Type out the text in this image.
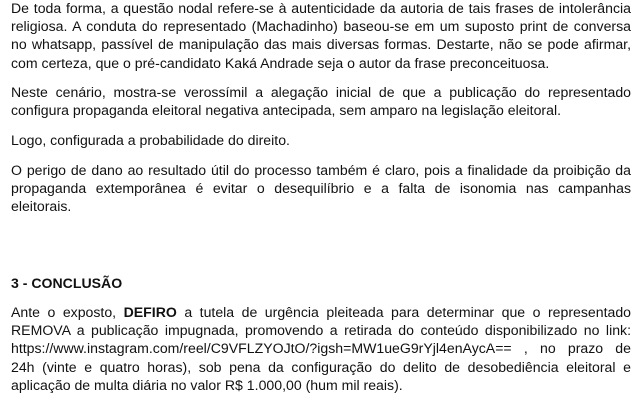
De toda forma, a questão nodal refere-se à autenticidade da autoria de tais frases de intolerância
religiosa. A conduta do representado (Machadinho) baseou-se em um suposto print de conversa
no whatsapp, passível de manipulação das mais diversas formas. Destarte, não se pode afirmar,
com certeza, que o pré-candidato Kaká Andrade seja o autor da frase preconceituosa.

Neste cenário, mostra-se verossímil a alegação inicial de que a publicação do representado
configura propaganda eleitoral negativa antecipada, sem amparo na legislação eleitoral.

Logo, configurada a probabilidade do direito.

O perigo de dano ao resultado útil do processo também é claro, pois a finalidade da proibição da
propaganda extemporânea é evitar o desequilíbrio e a falta de isonomia nas campanhas
eleitorais.

3 - CONCLUSÃO

Ante o exposto, DEFIRO a tutela de urgência pleiteada para determinar que o representado
REMOVA a publicação impugnada, promovendo a retirada do conteúdo disponibilizado no link:
https://www.instagram.com/reel/C9VFLZYOJtO/?igsh=MW1ueG9rYjl4enAycA== , no prazo de
24h (vinte e quatro horas), sob pena da configuração do delito de desobediência eleitoral e
aplicação de multa diária no valor R$ 1.000,00 (hum mil reais).
